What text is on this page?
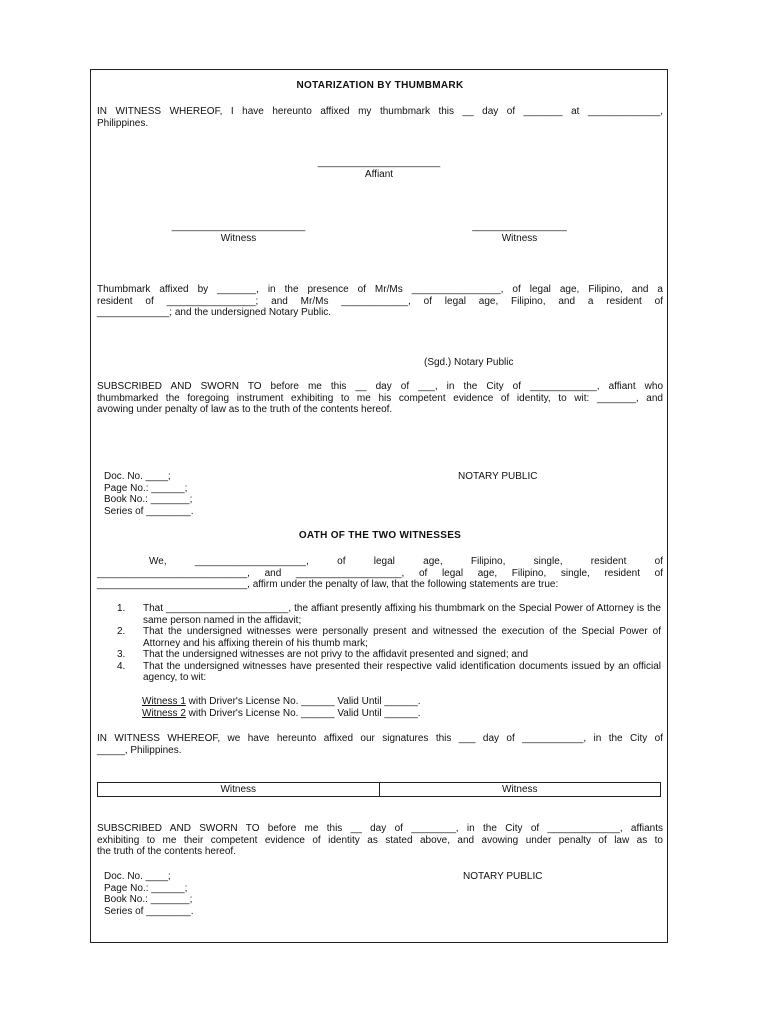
NOTARIZATION BY THUMBMARK
IN WITNESS WHEREOF, I have hereunto affixed my thumbmark this __ day of _______ at _____________,
Philippines.
______________________
Affiant
________________________
Witness
_________________
Witness
Thumbmark affixed by _______, in the presence of Mr/Ms ________________, of legal age, Filipino, and a
resident of ________________; and Mr/Ms ____________, of legal age, Filipino, and a resident of
_____________; and the undersigned Notary Public.
(Sgd.) Notary Public
SUBSCRIBED AND SWORN TO before me this __ day of ___, in the City of ____________, affiant who
thumbmarked the foregoing instrument exhibiting to me his competent evidence of identity, to wit: _______, and
avowing under penalty of law as to the truth of the contents hereof.
Doc. No. ____;
Page No.: ______;
Book No.: _______;
Series of ________.
NOTARY PUBLIC
OATH OF THE TWO WITNESSES
We, ____________________, of legal age, Filipino, single, resident of
___________________________, and ___________________, of legal age, Filipino, single, resident of
___________________________, affirm under the penalty of law, that the following statements are true:
1. That ______________________, the affiant presently affixing his thumbmark on the Special Power of Attorney is the same person named in the affidavit;
2. That the undersigned witnesses were personally present and witnessed the execution of the Special Power of Attorney and his affixing therein of his thumb mark;
3. That the undersigned witnesses are not privy to the affidavit presented and signed; and
4. That the undersigned witnesses have presented their respective valid identification documents issued by an official agency, to wit:
Witness 1 with Driver's License No. ______ Valid Until ______.
Witness 2 with Driver's License No. ______ Valid Until ______.
IN WITNESS WHEREOF, we have hereunto affixed our signatures this ___ day of ___________, in the City of
_____, Philippines.
Witness	Witness
SUBSCRIBED AND SWORN TO before me this __ day of ________, in the City of _____________, affiants
exhibiting to me their competent evidence of identity as stated above, and avowing under penalty of law as to
the truth of the contents hereof.
Doc. No. ____;
Page No.: ______;
Book No.: _______;
Series of ________.
NOTARY PUBLIC
